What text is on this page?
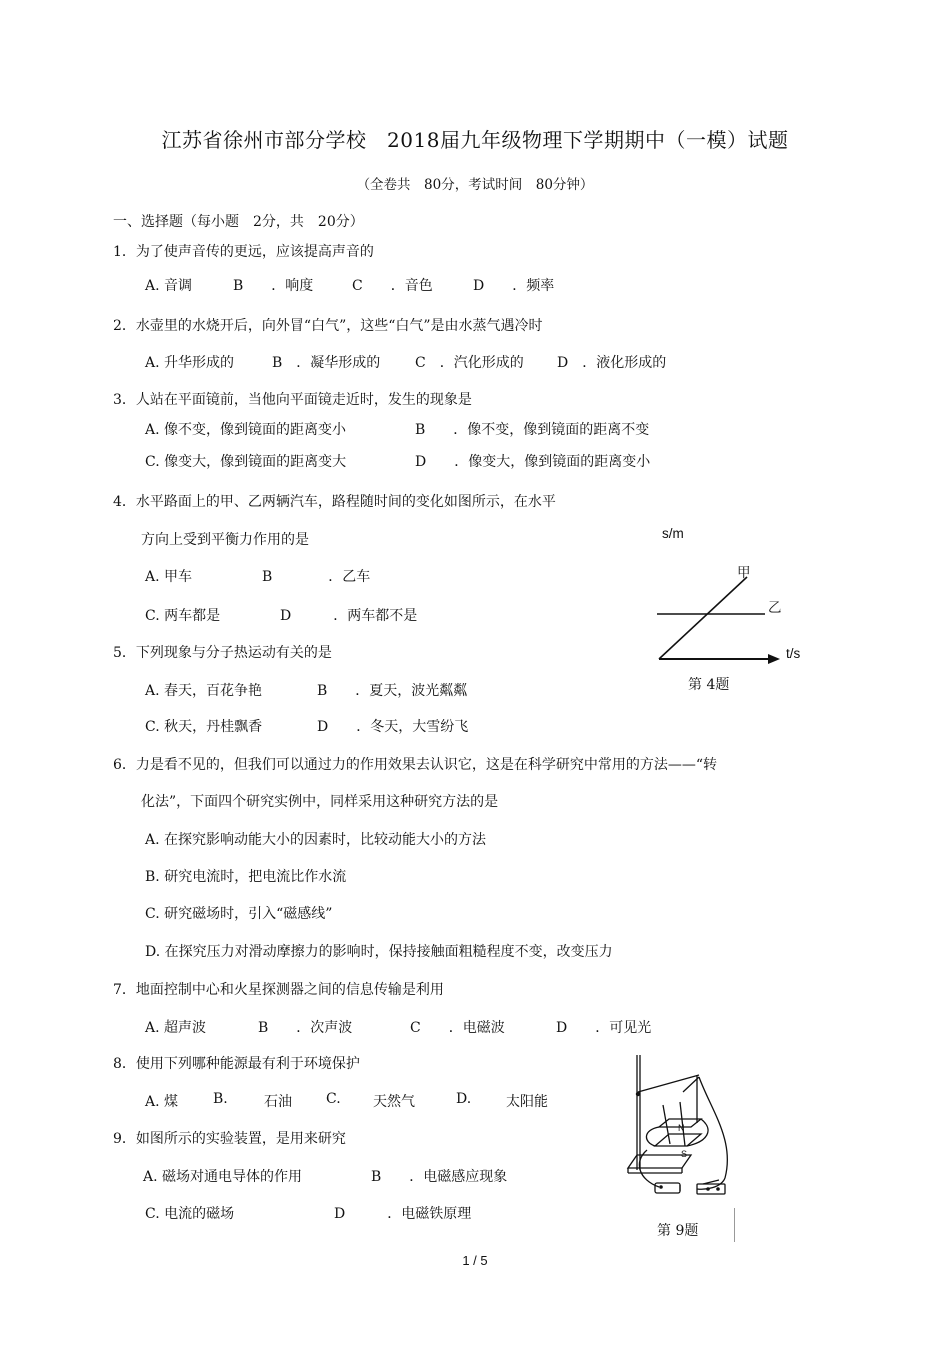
江苏省徐州市部分学校　2018届九年级物理下学期期中（一模）试题
（全卷共　80分，考试时间　80分钟）
一、选择题（每小题　2分，共　20分）
1．为了使声音传的更远，应该提高声音的
A. 音调	B　　．响度	C　　．音色	D　　．频率
2．水壶里的水烧开后，向外冒“白气”，这些“白气”是由水蒸气遇冷时
A. 升华形成的	B　．凝华形成的 C　．汽化形成的 D　．液化形成的
3．人站在平面镜前，当他向平面镜走近时，发生的现象是
A. 像不变，像到镜面的距离变小	B　　．像不变，像到镜面的距离不变
C. 像变大，像到镜面的距离变大	D　　．像变大，像到镜面的距离变小
4．水平路面上的甲、乙两辆汽车，路程随时间的变化如图所示，在水平
方向上受到平衡力作用的是
A. 甲车	B　　　　．乙车
C. 两车都是	D　　　．两车都不是
s/m
t/s
甲
乙
第 4题
5．下列现象与分子热运动有关的是
A. 春天，百花争艳	B　　．夏天，波光粼粼
C. 秋天，丹桂飘香	D　　．冬天，大雪纷飞
6．力是看不见的，但我们可以通过力的作用效果去认识它，这是在科学研究中常用的方法——“转
化法”，下面四个研究实例中，同样采用这种研究方法的是
A. 在探究影响动能大小的因素时，比较动能大小的方法
B. 研究电流时，把电流比作水流
C. 研究磁场时，引入“磁感线”
D. 在探究压力对滑动摩擦力的影响时，保持接触面粗糙程度不变，改变压力
7．地面控制中心和火星探测器之间的信息传输是利用
A. 超声波	B　　．次声波	C　　．电磁波	D　　．可见光
8．使用下列哪种能源最有利于环境保护
A. 煤 B.	石油 C. 天然气	D. 太阳能
9．如图所示的实验装置，是用来研究
A. 磁场对通电导体的作用	B　　．电磁感应现象
C. 电流的磁场	D　　　．电磁铁原理
N
S
第 9题
1 / 5
